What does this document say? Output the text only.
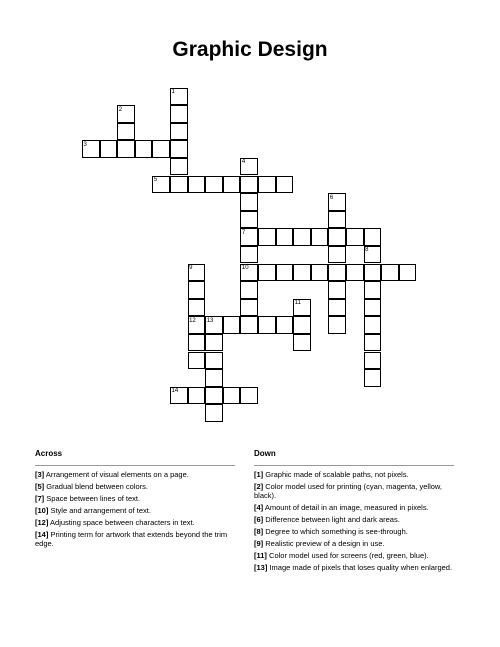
Graphic Design
3
5
7
10
12
14
1
2
4
6
8
9
11
13
Across
[3] Arrangement of visual elements on a page.
[5] Gradual blend between colors.
[7] Space between lines of text.
[10] Style and arrangement of text.
[12] Adjusting space between characters in text.
[14] Printing term for artwork that extends beyond the trim edge.
Down
[1] Graphic made of scalable paths, not pixels.
[2] Color model used for printing (cyan, magenta, yellow, black).
[4] Amount of detail in an image, measured in pixels.
[6] Difference between light and dark areas.
[8] Degree to which something is see-through.
[9] Realistic preview of a design in use.
[11] Color model used for screens (red, green, blue).
[13] Image made of pixels that loses quality when enlarged.
